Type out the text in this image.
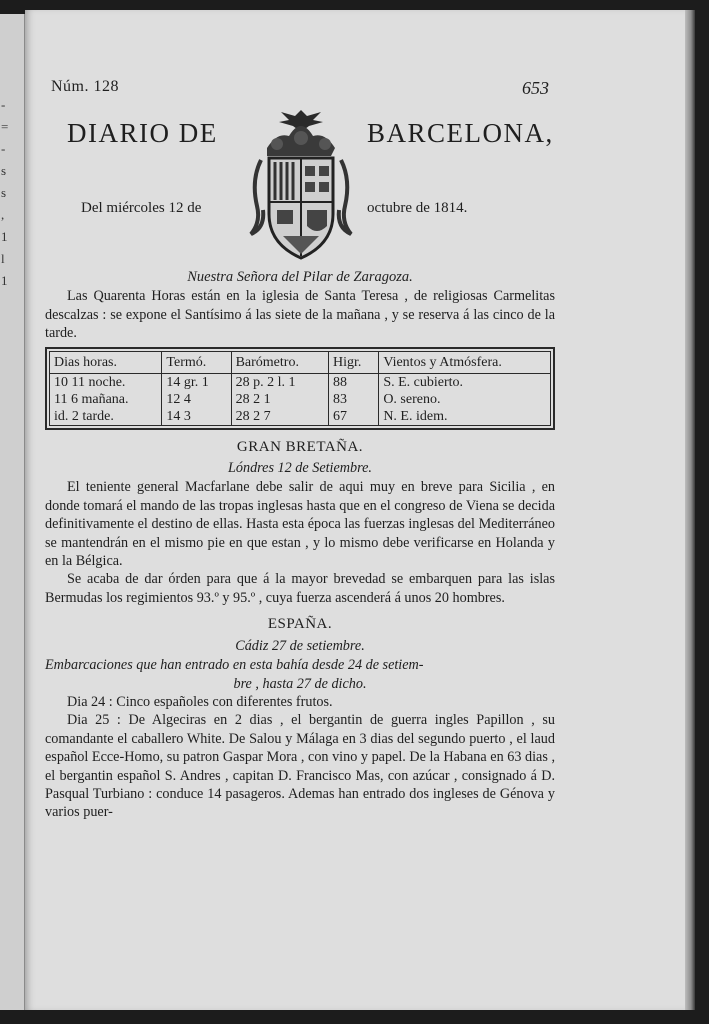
-
=
-
s
s
,
1
l
1
Núm. 128	653
DIARIO DE	BARCELONA,
Del miércoles 12 de	octubre de 1814.
Nuestra Señora del Pilar de Zaragoza.

Las Quarenta Horas están en la iglesia de Santa Teresa , de religiosas Carmelitas descalzas : se expone el Santísimo á las siete de la mañana , y se reserva á las cinco de la tarde.

Dias horas.	Termó.	Barómetro.	Higr.	Vientos y Atmósfera.
10 11 noche.	14 gr. 1	28 p. 2 l. 1	88	S. E. cubierto.
11 6 mañana.	12 4	28 2 1	83	O. sereno.
id. 2 tarde.	14 3	28 2 7	67	N. E. idem.
GRAN BRETAÑA.
Lóndres 12 de Setiembre.

El teniente general Macfarlane debe salir de aqui muy en breve para Sicilia , en donde tomará el mando de las tropas inglesas hasta que en el congreso de Viena se decida definitivamente el destino de ellas. Hasta esta época las fuerzas inglesas del Mediterráneo se mantendrán en el mismo pie en que estan , y lo mismo debe verificarse en Holanda y en la Bélgica.

Se acaba de dar órden para que á la mayor brevedad se embarquen para las islas Bermudas los regimientos 93.º y 95.º , cuya fuerza ascenderá á unos 20 hombres.

ESPAÑA.
Cádiz 27 de setiembre.

Embarcaciones que han entrado en esta bahía desde 24 de setiem-

bre , hasta 27 de dicho.

Dia 24 : Cinco españoles con diferentes frutos.

Dia 25 : De Algeciras en 2 dias , el bergantin de guerra ingles Papillon , su comandante el caballero White. De Salou y Málaga en 3 dias del segundo puerto , el laud español Ecce-Homo, su patron Gaspar Mora , con vino y papel. De la Habana en 63 dias , el bergantin español S. Andres , capitan D. Francisco Mas, con azúcar , consignado á D. Pasqual Turbiano : conduce 14 pasageros. Ademas han entrado dos ingleses de Génova y varios puer-
